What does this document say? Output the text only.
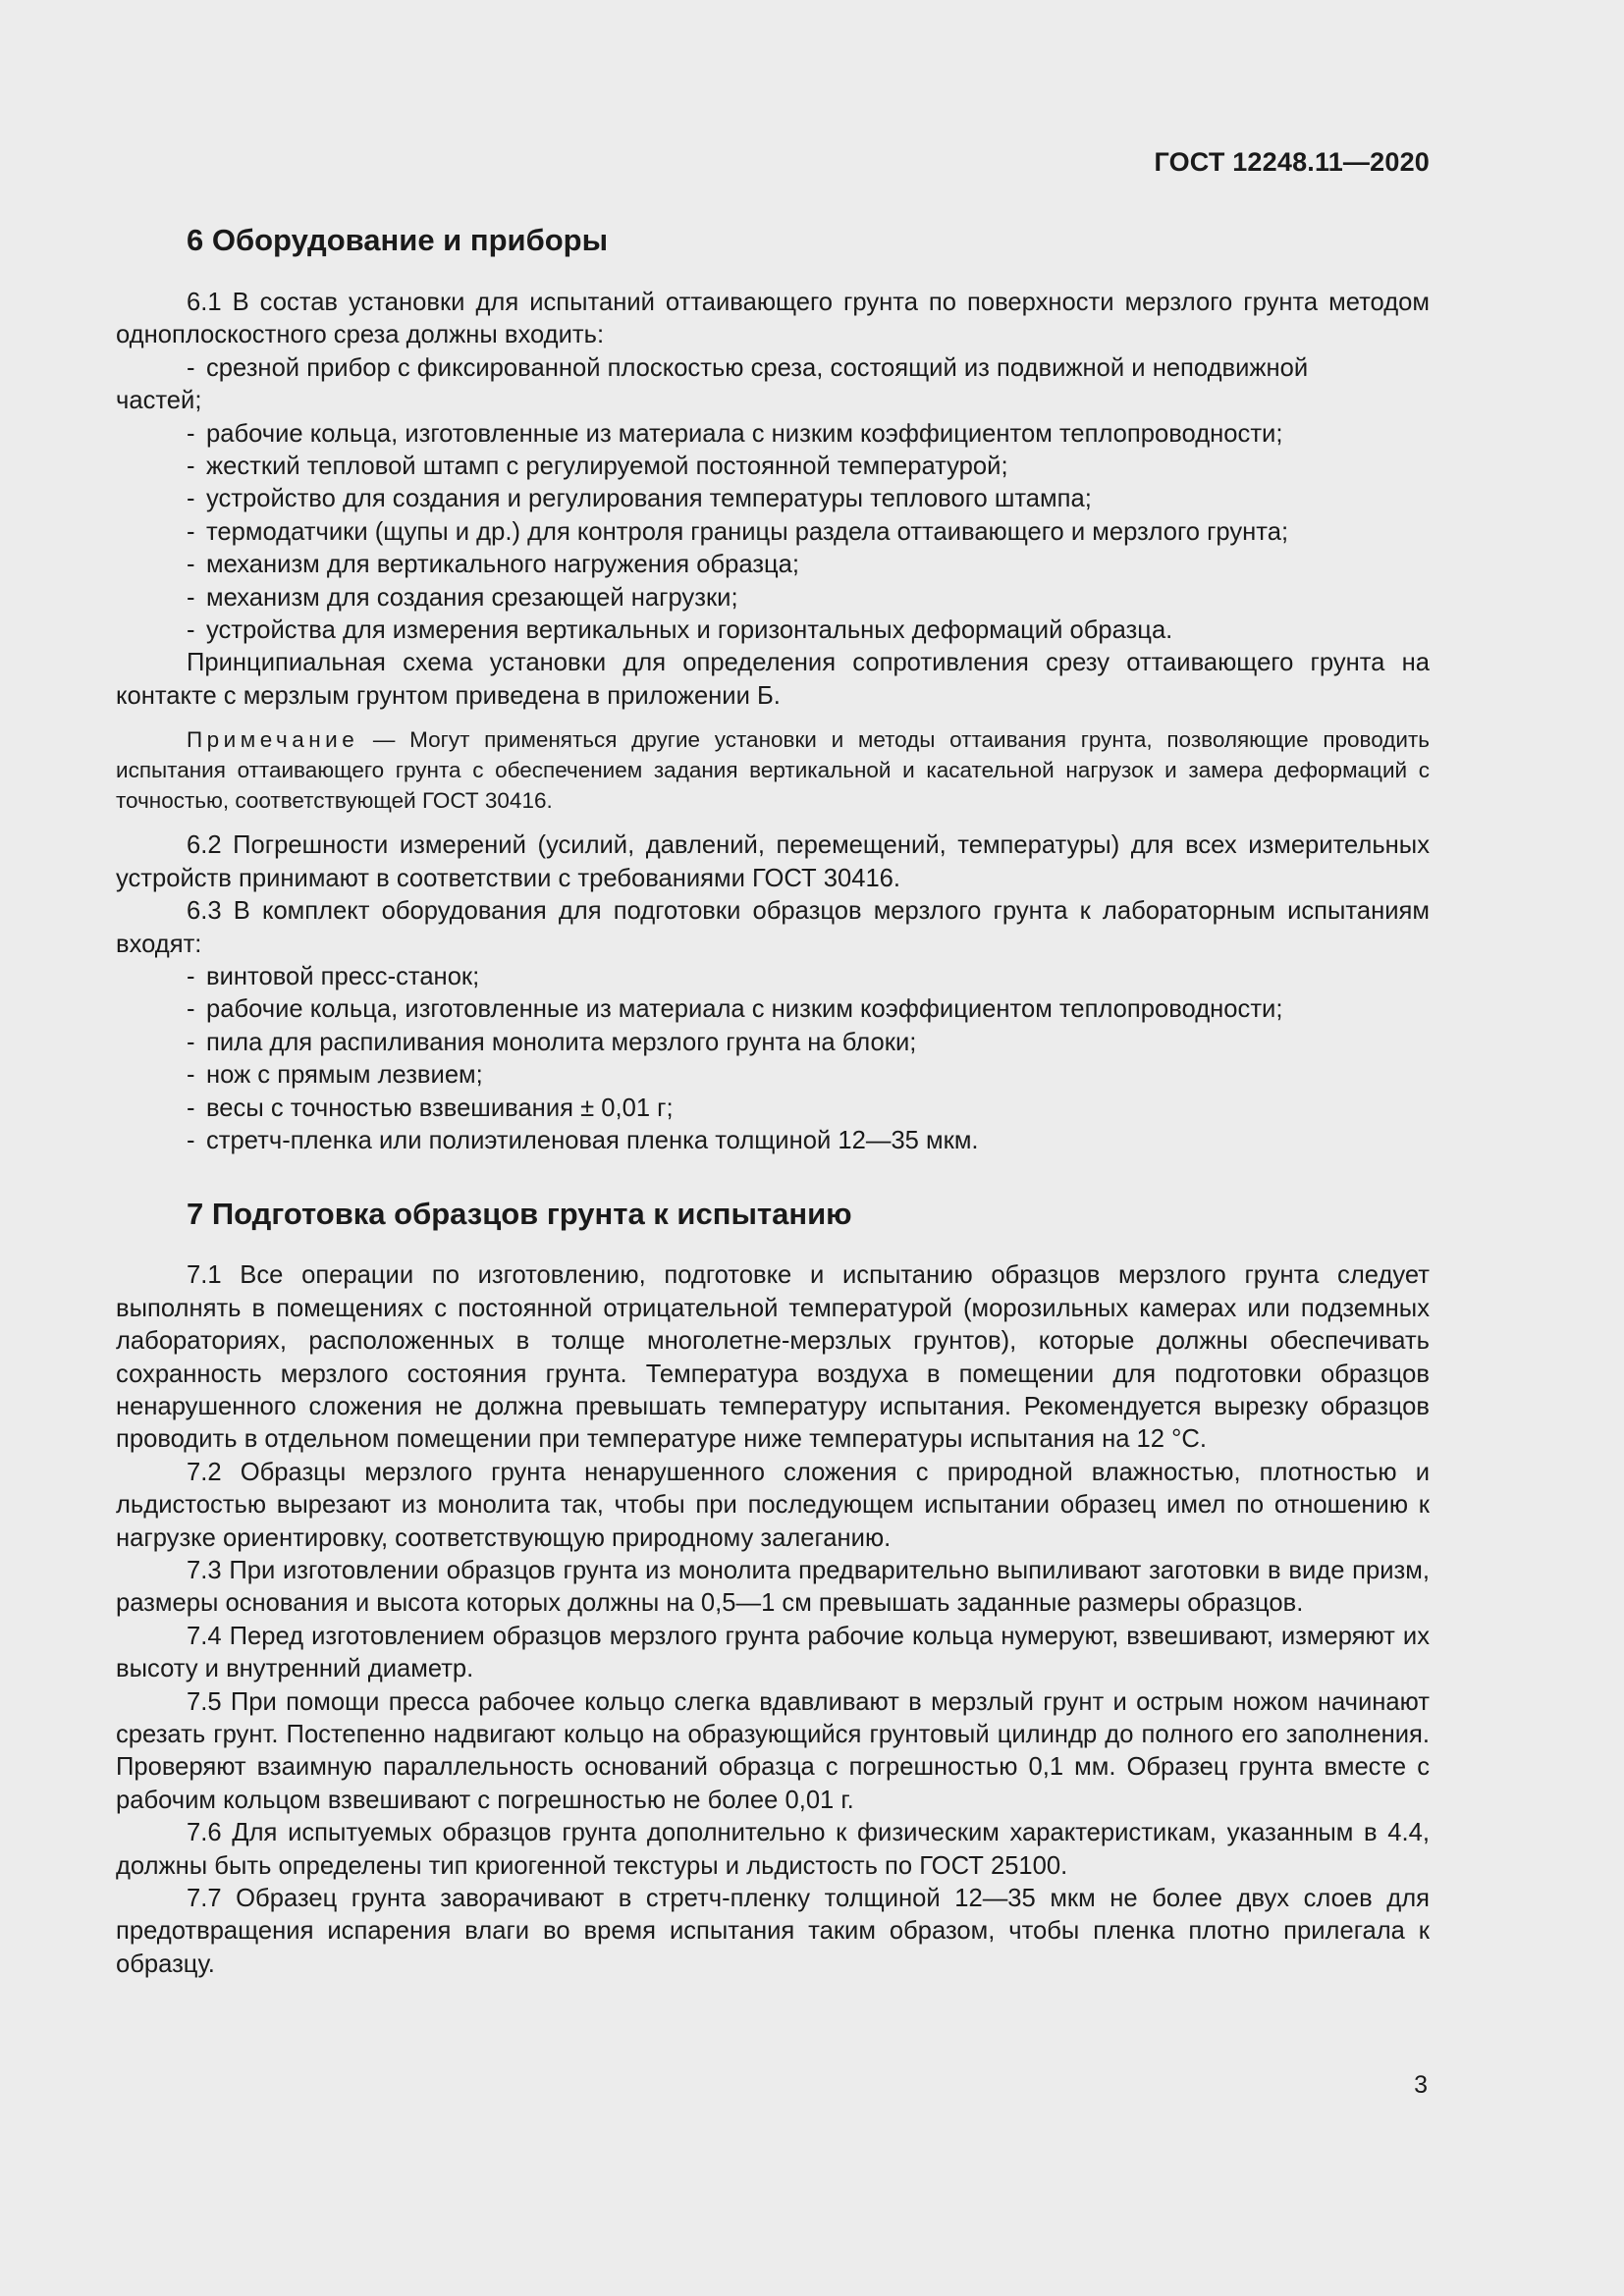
ГОСТ 12248.11—2020

6 Оборудование и приборы

6.1 В состав установки для испытаний оттаивающего грунта по поверхности мерзлого грунта методом одноплоскостного среза должны входить:

- срезной прибор с фиксированной плоскостью среза, состоящий из подвижной и неподвижной
частей;

- рабочие кольца, изготовленные из материала с низким коэффициентом теплопроводности;

- жесткий тепловой штамп с регулируемой постоянной температурой;

- устройство для создания и регулирования температуры теплового штампа;

- термодатчики (щупы и др.) для контроля границы раздела оттаивающего и мерзлого грунта;

- механизм для вертикального нагружения образца;

- механизм для создания срезающей нагрузки;

- устройства для измерения вертикальных и горизонтальных деформаций образца.

Принципиальная схема установки для определения сопротивления срезу оттаивающего грунта на контакте с мерзлым грунтом приведена в приложении Б.

Примечание — Могут применяться другие установки и методы оттаивания грунта, позволяющие проводить испытания оттаивающего грунта с обеспечением задания вертикальной и касательной нагрузок и замера деформаций с точностью, соответствующей ГОСТ 30416.

6.2 Погрешности измерений (усилий, давлений, перемещений, температуры) для всех измерительных устройств принимают в соответствии с требованиями ГОСТ 30416.

6.3 В комплект оборудования для подготовки образцов мерзлого грунта к лабораторным испытаниям входят:

- винтовой пресс-станок;

- рабочие кольца, изготовленные из материала с низким коэффициентом теплопроводности;

- пила для распиливания монолита мерзлого грунта на блоки;

- нож с прямым лезвием;

- весы с точностью взвешивания ± 0,01 г;

- стретч-пленка или полиэтиленовая пленка толщиной 12—35 мкм.

7 Подготовка образцов грунта к испытанию

7.1 Все операции по изготовлению, подготовке и испытанию образцов мерзлого грунта следует выполнять в помещениях с постоянной отрицательной температурой (морозильных камерах или подземных лабораториях, расположенных в толще многолетне-мерзлых грунтов), которые должны обеспечивать сохранность мерзлого состояния грунта. Температура воздуха в помещении для подготовки образцов ненарушенного сложения не должна превышать температуру испытания. Рекомендуется вырезку образцов проводить в отдельном помещении при температуре ниже температуры испытания на 12 °С.

7.2 Образцы мерзлого грунта ненарушенного сложения с природной влажностью, плотностью и льдистостью вырезают из монолита так, чтобы при последующем испытании образец имел по отношению к нагрузке ориентировку, соответствующую природному залеганию.

7.3 При изготовлении образцов грунта из монолита предварительно выпиливают заготовки в виде призм, размеры основания и высота которых должны на 0,5—1 см превышать заданные размеры образцов.

7.4 Перед изготовлением образцов мерзлого грунта рабочие кольца нумеруют, взвешивают, измеряют их высоту и внутренний диаметр.

7.5 При помощи пресса рабочее кольцо слегка вдавливают в мерзлый грунт и острым ножом начинают срезать грунт. Постепенно надвигают кольцо на образующийся грунтовый цилиндр до полного его заполнения. Проверяют взаимную параллельность оснований образца с погрешностью 0,1 мм. Образец грунта вместе с рабочим кольцом взвешивают с погрешностью не более 0,01 г.

7.6 Для испытуемых образцов грунта дополнительно к физическим характеристикам, указанным в 4.4, должны быть определены тип криогенной текстуры и льдистость по ГОСТ 25100.

7.7 Образец грунта заворачивают в стретч-пленку толщиной 12—35 мкм не более двух слоев для предотвращения испарения влаги во время испытания таким образом, чтобы пленка плотно прилегала к образцу.

3
